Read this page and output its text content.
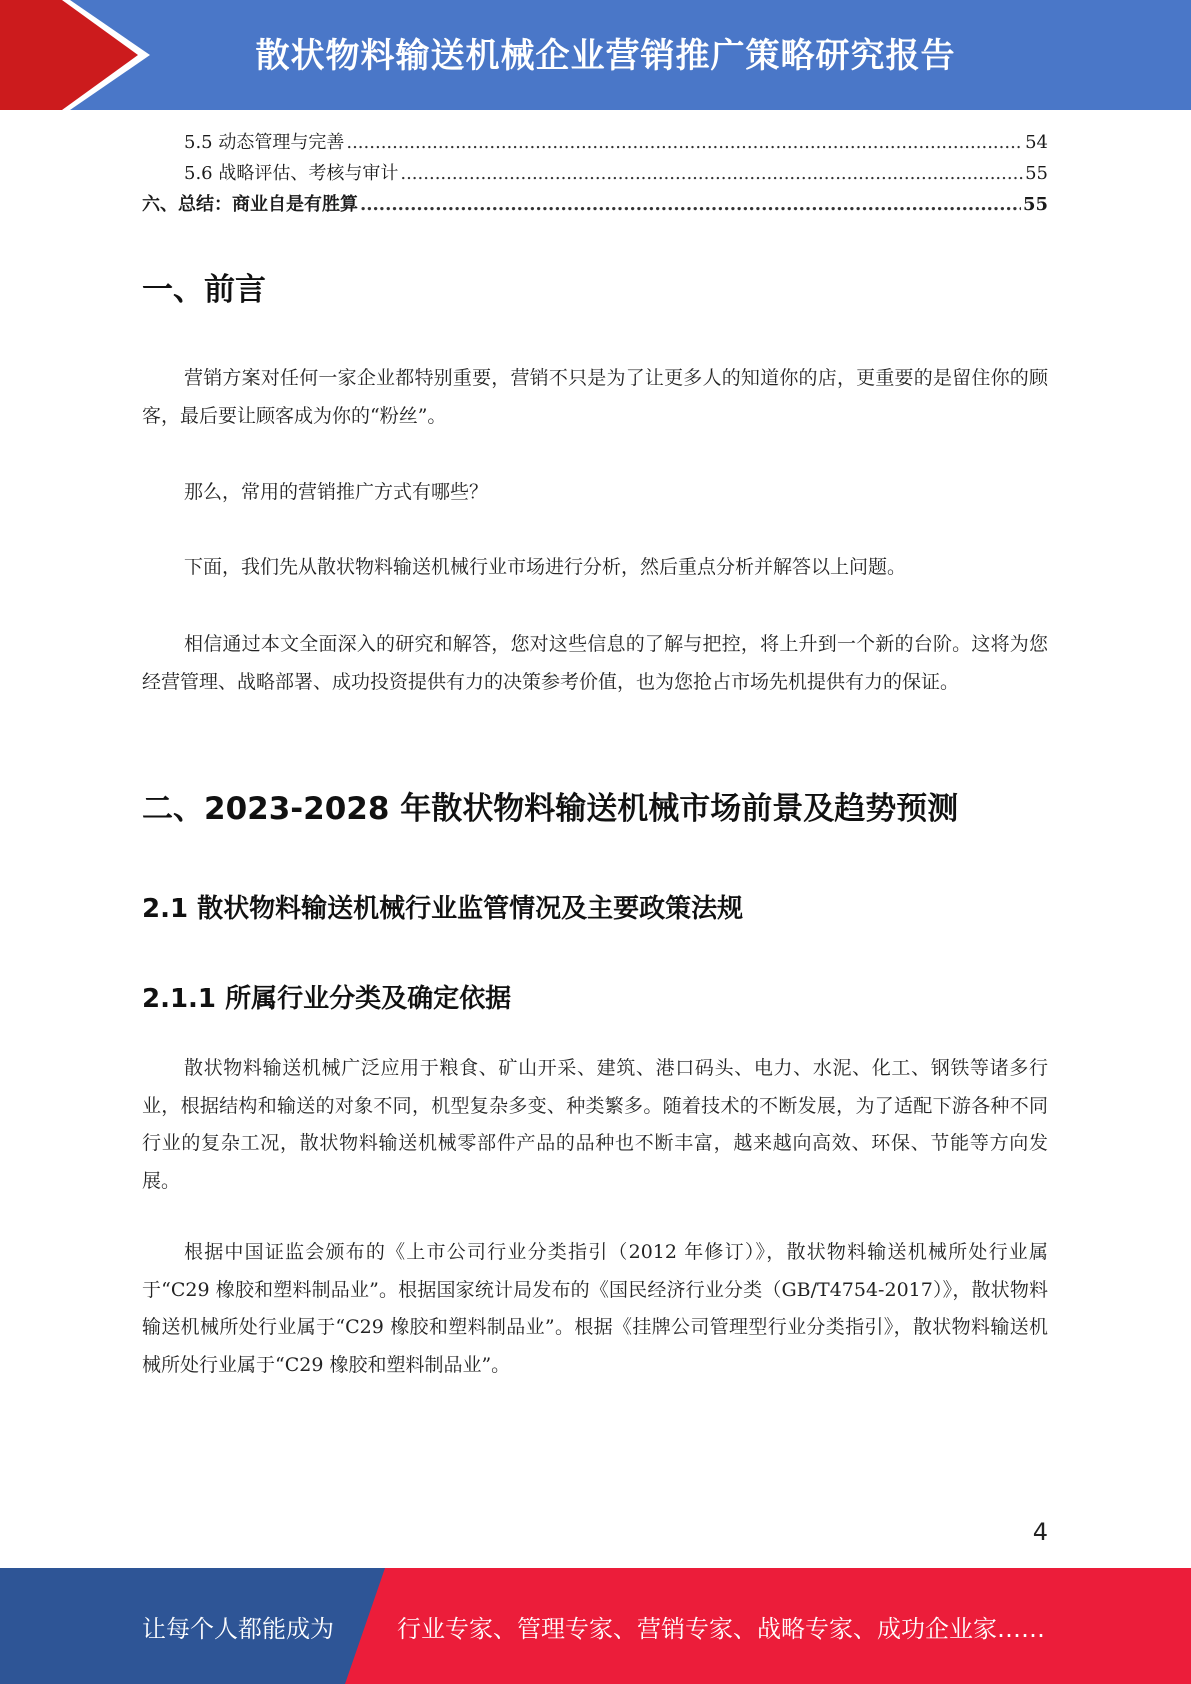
散状物料输送机械企业营销推广策略研究报告
5.5 动态管理与完善 .....	54
5.6 战略评估、考核与审计 .....	55
六、总结：商业自是有胜算 .....	55
一、前言

营销方案对任何一家企业都特别重要，营销不只是为了让更多人的知道你的店，更重要的是留住你的顾客，最后要让顾客成为你的“粉丝”。

那么，常用的营销推广方式有哪些？

下面，我们先从散状物料输送机械行业市场进行分析，然后重点分析并解答以上问题。

相信通过本文全面深入的研究和解答，您对这些信息的了解与把控，将上升到一个新的台阶。这将为您经营管理、战略部署、成功投资提供有力的决策参考价值，也为您抢占市场先机提供有力的保证。

二、2023-2028 年散状物料输送机械市场前景及趋势预测
2.1 散状物料输送机械行业监管情况及主要政策法规
2.1.1 所属行业分类及确定依据

散状物料输送机械广泛应用于粮食、矿山开采、建筑、港口码头、电力、水泥、化工、钢铁等诸多行业，根据结构和输送的对象不同，机型复杂多变、种类繁多。随着技术的不断发展，为了适配下游各种不同行业的复杂工况，散状物料输送机械零部件产品的品种也不断丰富，越来越向高效、环保、节能等方向发展。

根据中国证监会颁布的《上市公司行业分类指引（2012 年修订）》，散状物料输送机械所处行业属于“C29 橡胶和塑料制品业”。根据国家统计局发布的《国民经济行业分类（GB/T4754-2017）》，散状物料输送机械所处行业属于“C29 橡胶和塑料制品业”。根据《挂牌公司管理型行业分类指引》，散状物料输送机械所处行业属于“C29 橡胶和塑料制品业”。

4
让每个人都能成为	行业专家、管理专家、营销专家、战略专家、成功企业家……
